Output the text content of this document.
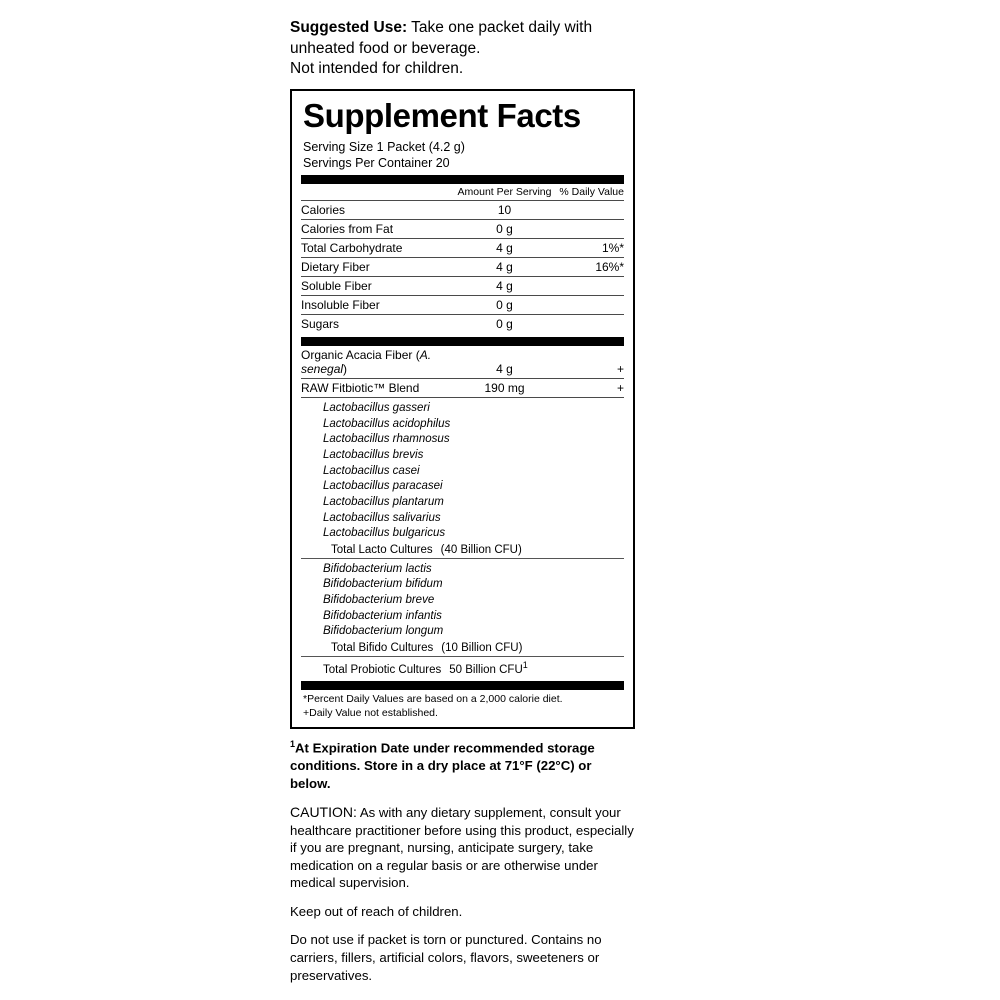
Suggested Use: Take one packet daily with unheated food or beverage.
Not intended for children.
Supplement Facts
Serving Size 1 Packet (4.2 g)
Servings Per Container 20
	Amount Per Serving	% Daily Value
Calories	10	
Calories from Fat	0 g	
Total Carbohydrate	4 g	1%*
Dietary Fiber	4 g	16%*
Soluble Fiber	4 g	
Insoluble Fiber	0 g	
Sugars	0 g	
Organic Acacia Fiber (A. senegal)	4 g	+
RAW Fitbiotic™ Blend	190 mg	+
Lactobacillus gasseri
Lactobacillus acidophilus
Lactobacillus rhamnosus
Lactobacillus brevis
Lactobacillus casei
Lactobacillus paracasei
Lactobacillus plantarum
Lactobacillus salivarius
Lactobacillus bulgaricus
Total Lacto Cultures (40 Billion CFU)
Bifidobacterium lactis
Bifidobacterium bifidum
Bifidobacterium breve
Bifidobacterium infantis
Bifidobacterium longum
Total Bifido Cultures (10 Billion CFU)
Total Probiotic Cultures 50 Billion CFU$^1$
*Percent Daily Values are based on a 2,000 calorie diet.
+Daily Value not established.

$^1$At Expiration Date under recommended storage conditions. Store in a dry place at 71°F (22°C) or below.

CAUTION: As with any dietary supplement, consult your healthcare practitioner before using this product, especially if you are pregnant, nursing, anticipate surgery, take medication on a regular basis or are otherwise under medical supervision.

Keep out of reach of children.

Do not use if packet is torn or punctured. Contains no carriers, fillers, artificial colors, flavors, sweeteners or preservatives.
